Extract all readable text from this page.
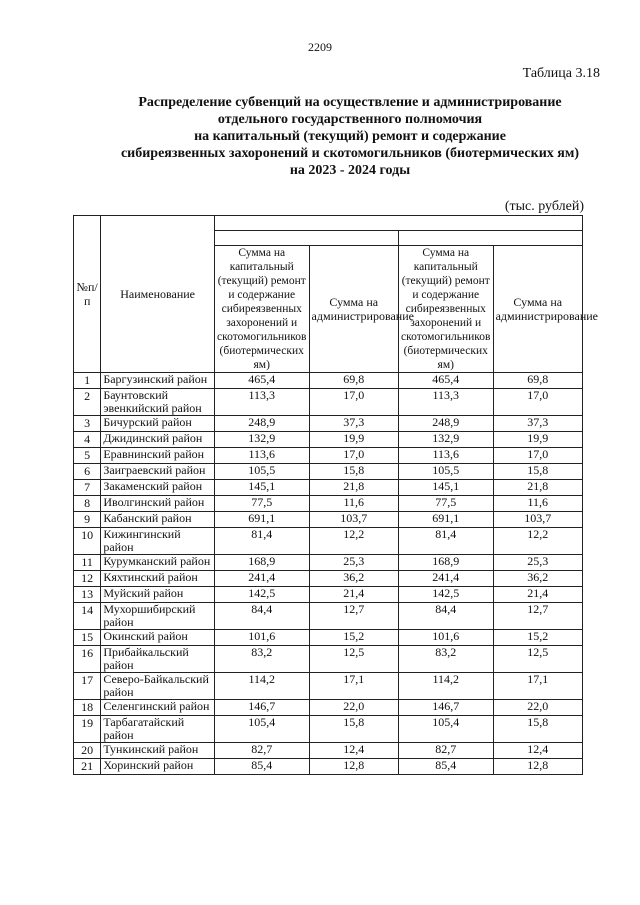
2209
Таблица 3.18
Распределение субвенций на осуществление и администрирование
отдельного государственного полномочия
на капитальный (текущий) ремонт и содержание
сибиреязвенных захоронений и скотомогильников (биотермических ям)
на 2023 - 2024 годы
(тыс. рублей)
№п/п	Наименование				

		Сумма на капитальный (текущий) ремонт и содержание сибиреязвенных захоронений и скотомогильников (биотермических ям)	Сумма на администрирование	Сумма на капитальный (текущий) ремонт и содержание сибиреязвенных захоронений и скотомогильников (биотермических ям)	Сумма на администрирование
1	Баргузинский район	465,4	69,8	465,4	69,8
2	Баунтовский эвенкийский район	113,3	17,0	113,3	17,0
3	Бичурский район	248,9	37,3	248,9	37,3
4	Джидинский район	132,9	19,9	132,9	19,9
5	Еравнинский район	113,6	17,0	113,6	17,0
6	Заиграевский район	105,5	15,8	105,5	15,8
7	Закаменский район	145,1	21,8	145,1	21,8
8	Иволгинский район	77,5	11,6	77,5	11,6
9	Кабанский район	691,1	103,7	691,1	103,7
10	Кижингинский район	81,4	12,2	81,4	12,2
11	Курумканский район	168,9	25,3	168,9	25,3
12	Кяхтинский район	241,4	36,2	241,4	36,2
13	Муйский район	142,5	21,4	142,5	21,4
14	Мухоршибирский район	84,4	12,7	84,4	12,7
15	Окинский район	101,6	15,2	101,6	15,2
16	Прибайкальский район	83,2	12,5	83,2	12,5
17	Северо-Байкальский район	114,2	17,1	114,2	17,1
18	Селенгинский район	146,7	22,0	146,7	22,0
19	Тарбагатайский район	105,4	15,8	105,4	15,8
20	Тункинский район	82,7	12,4	82,7	12,4
21	Хоринский район	85,4	12,8	85,4	12,8
